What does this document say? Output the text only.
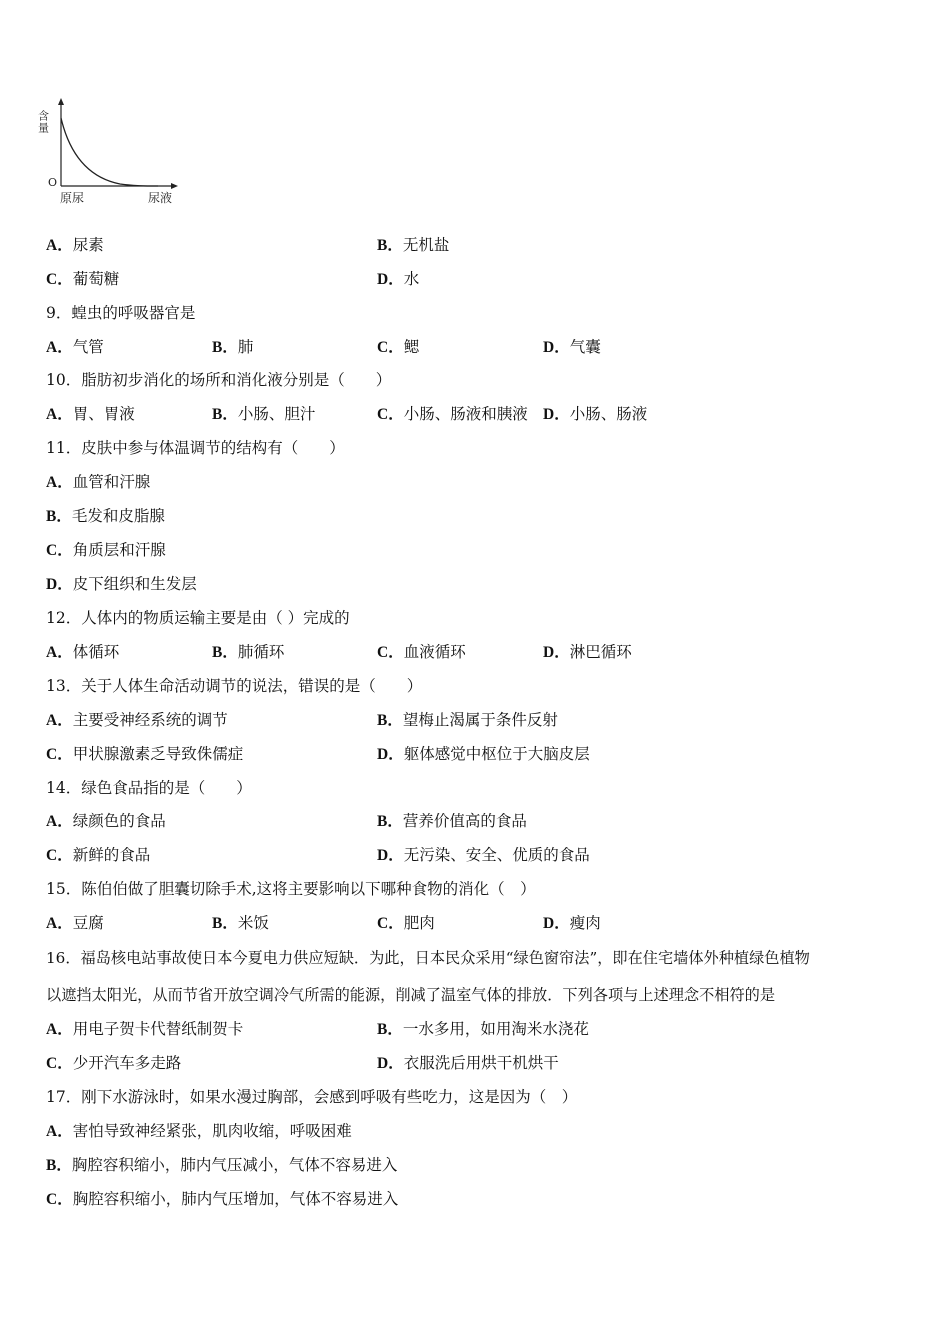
含量
O
原尿	尿液
A．尿素	B．无机盐
C．葡萄糖	D．水
9．蝗虫的呼吸器官是
A．气管	B．肺	C．鳃	D．气囊
10．脂肪初步消化的场所和消化液分别是（　　）
A．胃、胃液	B．小肠、胆汁	C．小肠、肠液和胰液 D．小肠、肠液
11．皮肤中参与体温调节的结构有（　　）
A．血管和汗腺
B．毛发和皮脂腺
C．角质层和汗腺
D．皮下组织和生发层
12．人体内的物质运输主要是由（ ）完成的
A．体循环	B．肺循环	C．血液循环	D．淋巴循环
13．关于人体生命活动调节的说法，错误的是（　　）
A．主要受神经系统的调节	B．望梅止渴属于条件反射
C．甲状腺激素乏导致侏儒症	D．躯体感觉中枢位于大脑皮层
14．绿色食品指的是（　　）
A．绿颜色的食品	B．营养价值高的食品
C．新鲜的食品	D．无污染、安全、优质的食品
15．陈伯伯做了胆囊切除手术,这将主要影响以下哪种食物的消化（　）
A．豆腐	B．米饭	C．肥肉	D．瘦肉
16．福岛核电站事故使日本今夏电力供应短缺．为此，日本民众采用“绿色窗帘法”，即在住宅墙体外种植绿色植物
以遮挡太阳光，从而节省开放空调冷气所需的能源，削减了温室气体的排放．下列各项与上述理念不相符的是
A．用电子贺卡代替纸制贺卡	B．一水多用，如用淘米水浇花
C．少开汽车多走路	D．衣服洗后用烘干机烘干
17．刚下水游泳时，如果水漫过胸部，会感到呼吸有些吃力，这是因为（　）
A．害怕导致神经紧张，肌肉收缩，呼吸困难
B．胸腔容积缩小，肺内气压减小，气体不容易进入
C．胸腔容积缩小，肺内气压增加，气体不容易进入
